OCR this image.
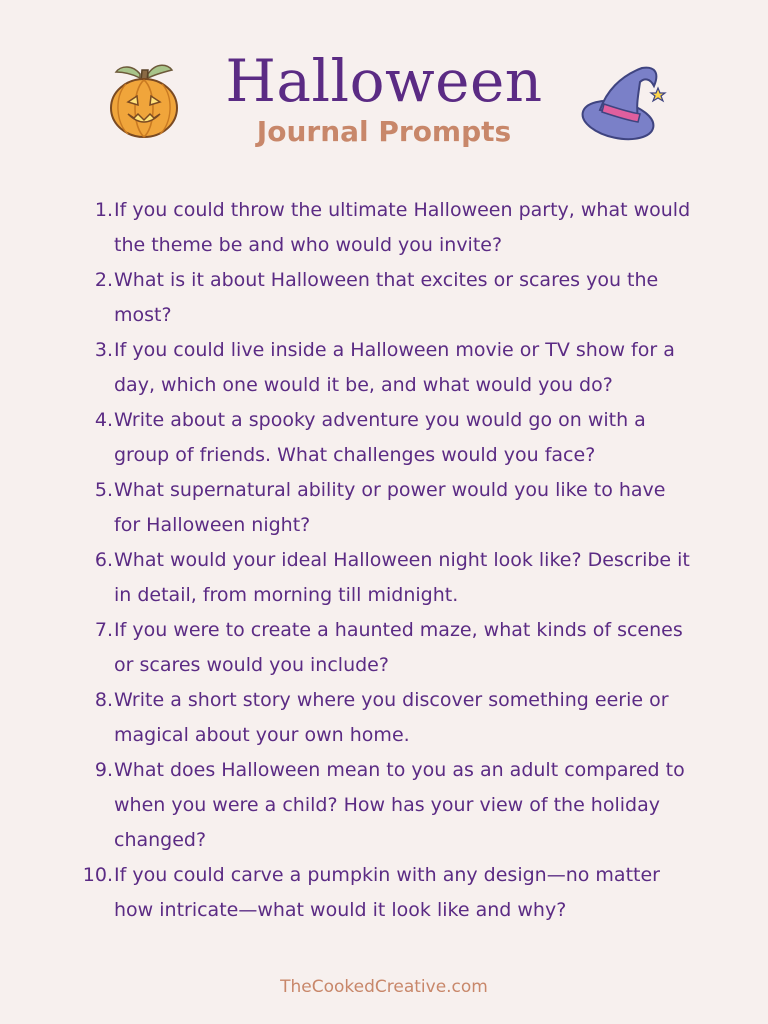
Halloween
Journal Prompts
1. If you could throw the ultimate Halloween party, what would the theme be and who would you invite?
2. What is it about Halloween that excites or scares you the most?
3. If you could live inside a Halloween movie or TV show for a day, which one would it be, and what would you do?
4. Write about a spooky adventure you would go on with a group of friends. What challenges would you face?
5. What supernatural ability or power would you like to have for Halloween night?
6. What would your ideal Halloween night look like? Describe it in detail, from morning till midnight.
7. If you were to create a haunted maze, what kinds of scenes or scares would you include?
8. Write a short story where you discover something eerie or magical about your own home.
9. What does Halloween mean to you as an adult compared to when you were a child? How has your view of the holiday changed?
10. If you could carve a pumpkin with any design—no matter how intricate—what would it look like and why?
TheCookedCreative.com
